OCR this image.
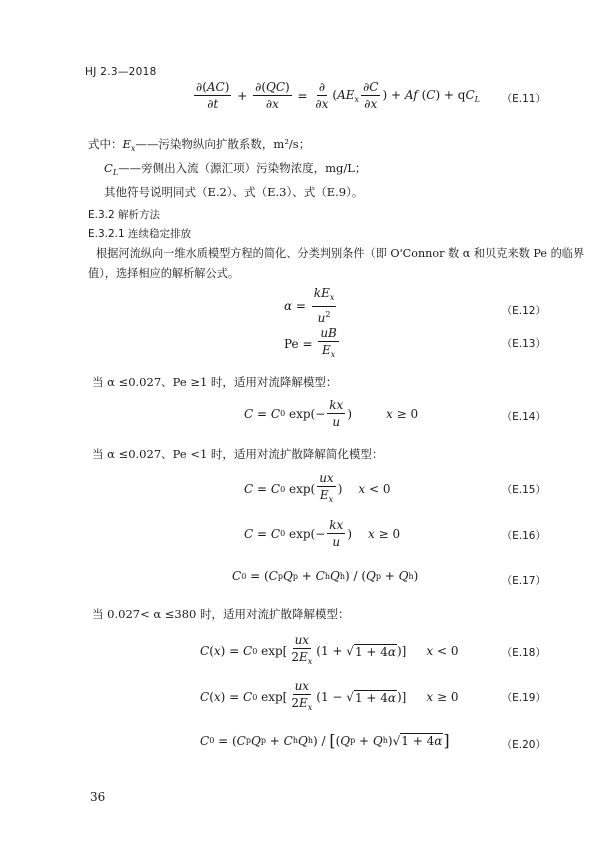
HJ 2.3—2018
$\frac{\partial(AC)}{\partial t} + \frac{\partial(QC)}{\partial x} = \frac{\partial}{\partial x} (AE_x \frac{\partial C}{\partial x}$ ) + Af $(C) + qC_L$ （E.11）
式中：$E_x——$污染物纵向扩散系数，m²/s；
$C_L——$旁侧出入流（源汇项）污染物浓度，mg/L；
其他符号说明同式（E.2）、式（E.3）、式（E.9）。
E.3.2 解析方法
E.3.2.1 连续稳定排放
根据河流纵向一维水质模型方程的简化、分类判别条件（即 O'Connor 数 α 和贝克来数 Pe 的临界
值），选择相应的解析解公式。
$\alpha = \frac{kE_x}{u^2}$	（E.12）
$Pe = \frac{uB}{E_x}$	（E.13）
当 α ≤0.027、Pe ≥1 时，适用对流降解模型：
C = C 0 $\exp(- \frac{kx}{u}$ )	x ≥ 0	（E.14）
当 α ≤0.027、Pe <1 时，适用对流扩散降解简化模型：
C = C 0 $\exp( \frac{ux}{E_x}$ ) x < 0	（E.15）
C = C 0 $\exp(- \frac{kx}{u}$ ) x ≥ 0	（E.16）
C 0 = ( C p Q p + C h Q h ) / ( Q p + Q h )	（E.17）
当 0.027< α ≤380 时，适用对流扩散降解模型：
C ( x ) = C 0 $\exp[ \frac{ux}{2E_x} (1$ + √ 1 + 4α )] x < 0	（E.18）
C ( x ) = C 0 $\exp[ \frac{ux}{2E_x} (1$ − √ 1 + 4α )] x ≥ 0	（E.19）
C 0 = ( C p Q p + C h Q h ) / [ ( Q p + Q h )√ 1 + 4α ]	（E.20）
36
